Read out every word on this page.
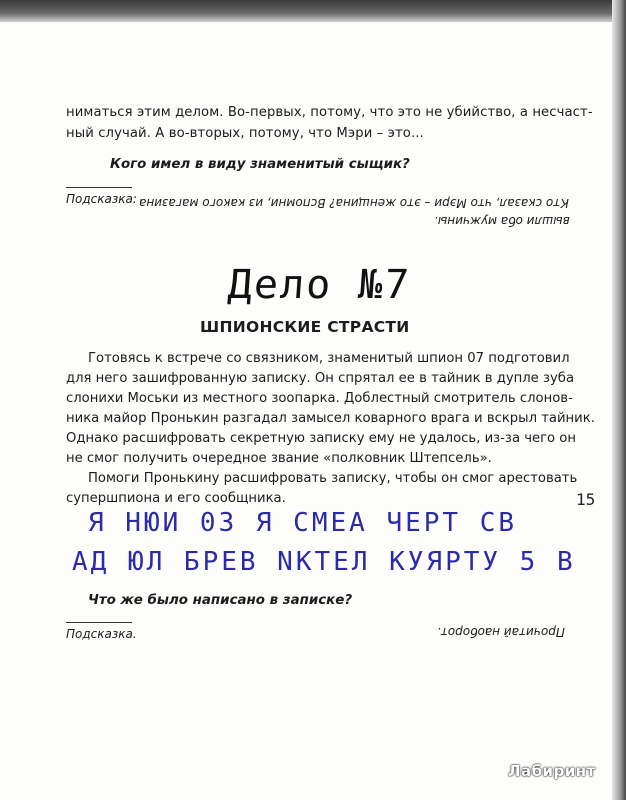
ниматься этим делом. Во-первых, потому, что это не убийство, а несчаст-
ный случай. А во-вторых, потому, что Мэри – это...
Кого имел в виду знаменитый сыщик?
Подсказка: Кто сказал, что Мэри – это женщина? Вспомни, из какого магазина
вышли оба мужчины.
Дело №7
ШПИОНСКИЕ СТРАСТИ
Готовясь к встрече со связником, знаменитый шпион 07 подготовил
для него зашифрованную записку. Он спрятал ее в тайник в дупле зуба
слонихи Моськи из местного зоопарка. Доблестный смотритель слонов-
ника майор Пронькин разгадал замысел коварного врага и вскрыл тайник.
Однако расшифровать секретную записку ему не удалось, из-за чего он
не смог получить очередное звание «полковник Штепсель».
Помоги Пронькину расшифровать записку, чтобы он смог арестовать
супершпиона и его сообщника.	15
Я НЮИ 03 Я СМЕА ЧЕРТ СВ
АД ЮЛ БРЕВ NКТЕЛ КУЯРТУ 5 В
Что же было написано в записке?
Подсказка.	Прочитай наоборот.
Лабиринт
